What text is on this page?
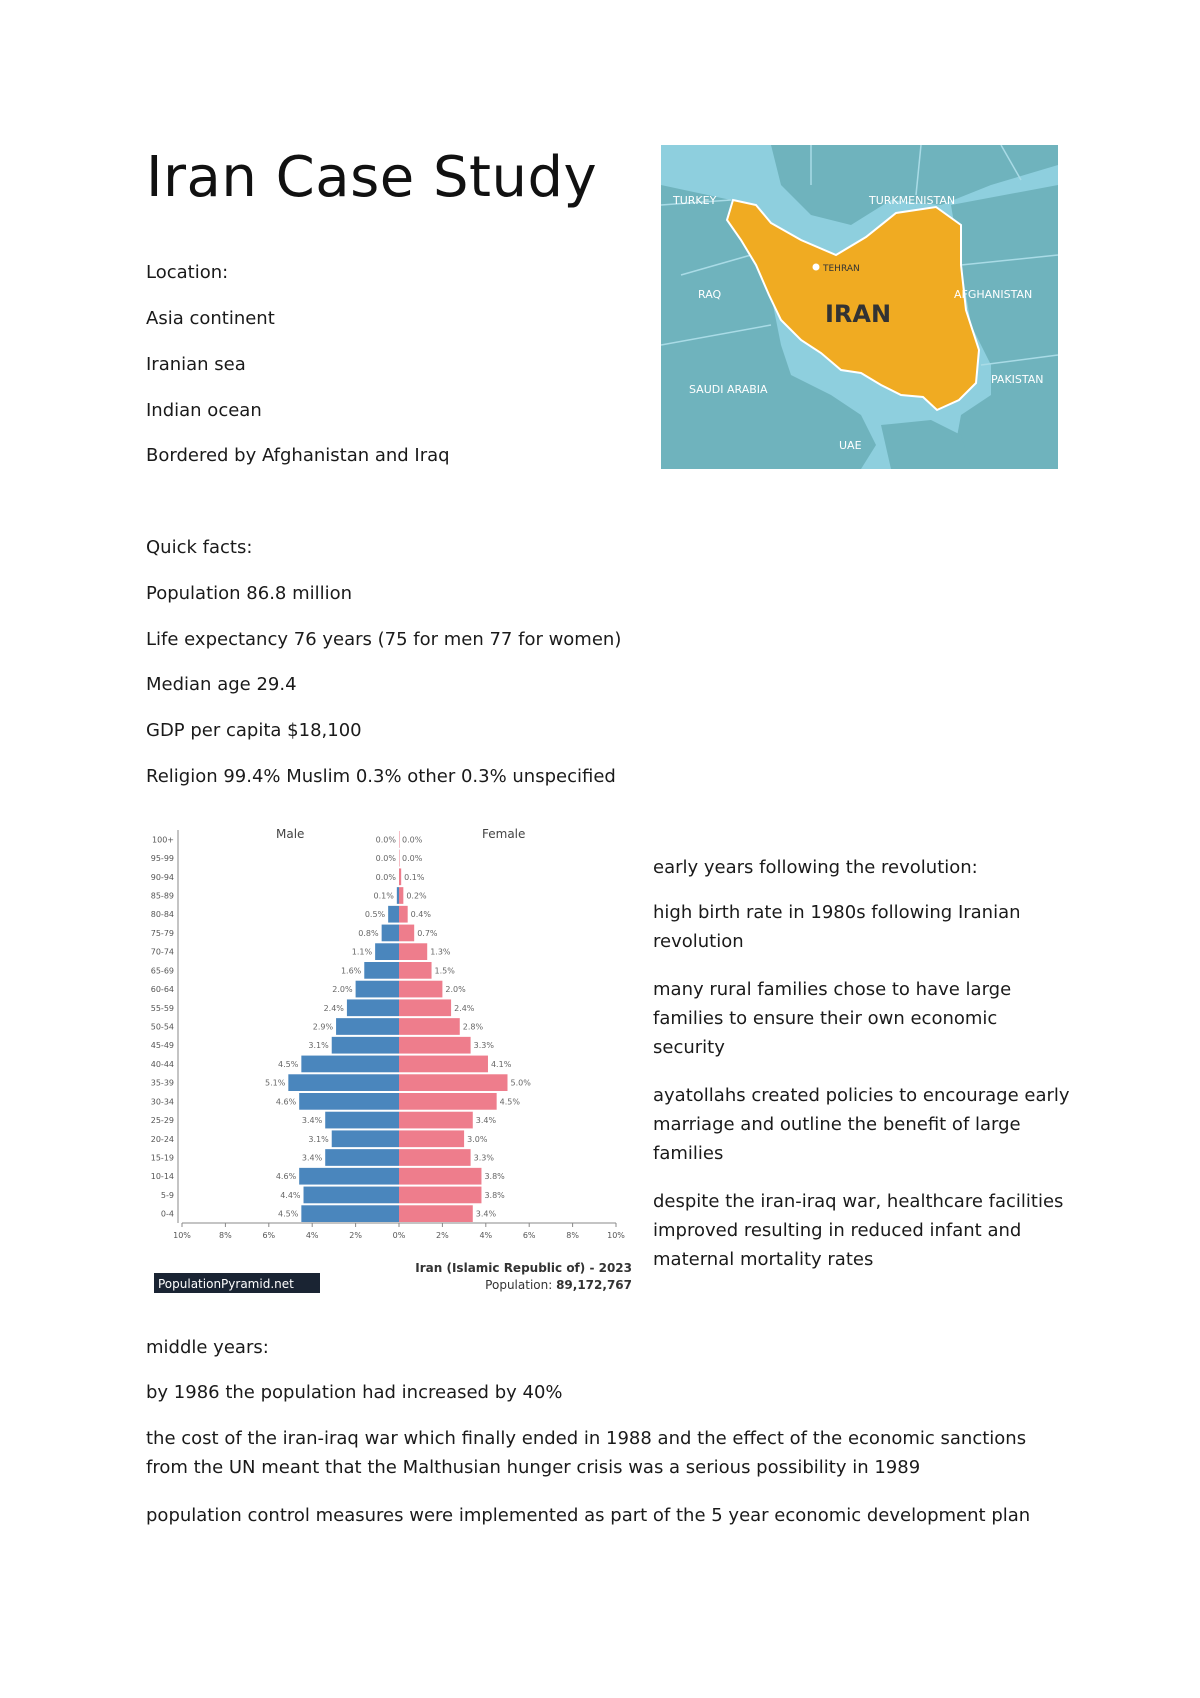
Iran Case Study
Location:
Asia continent
Iranian sea
Indian ocean
Bordered by Afghanistan and Iraq
Quick facts:
Population 86.8 million
Life expectancy 76 years (75 for men 77 for women)
Median age 29.4
GDP per capita $18,100
Religion 99.4% Muslim 0.3% other 0.3% unspecified
TURKEY	TURKMENISTAN
TEHRAN
RAQ
IRAN
AFGHANISTAN
PAKISTAN
SAUDI ARABIA
UAE
0-4	4.5%	3.4%
5-9	4.4%	3.8%
10-14	4.6%	3.8%
15-19	3.4%	3.3%
20-24	3.1%	3.0%
25-29	3.4%	3.4%
30-34	4.6%	4.5%
35-39	5.1%	5.0%
40-44	4.5%	4.1%
45-49	3.1%	3.3%
50-54	2.9%	2.8%
55-59	2.4%	2.4%
60-64	2.0%	2.0%
65-69	1.6%	1.5%
70-74	1.1%	1.3%
75-79	0.8%	0.7%
80-84	0.5%	0.4%
85-89	0.1% 0.2%
90-94	0.0% 0.1%
95-99	0.0% 0.0%
100+	0.0% 0.0%
10%	8%	6%	4%	2%	0%	2%	4%	6%	8%	10%
Male	Female
Iran (Islamic Republic of) - 2023
Population: 89,172,767
PopulationPyramid.net
early years following the revolution:
high birth rate in 1980s following Iranian revolution
many rural families chose to have large families to ensure their own economic security
ayatollahs created policies to encourage early marriage and outline the benefit of large families
despite the iran-iraq war, healthcare facilities improved resulting in reduced infant and maternal mortality rates
middle years:
by 1986 the population had increased by 40%
the cost of the iran-iraq war which finally ended in 1988 and the effect of the economic sanctions from the UN meant that the Malthusian hunger crisis was a serious possibility in 1989
population control measures were implemented as part of the 5 year economic development plan
